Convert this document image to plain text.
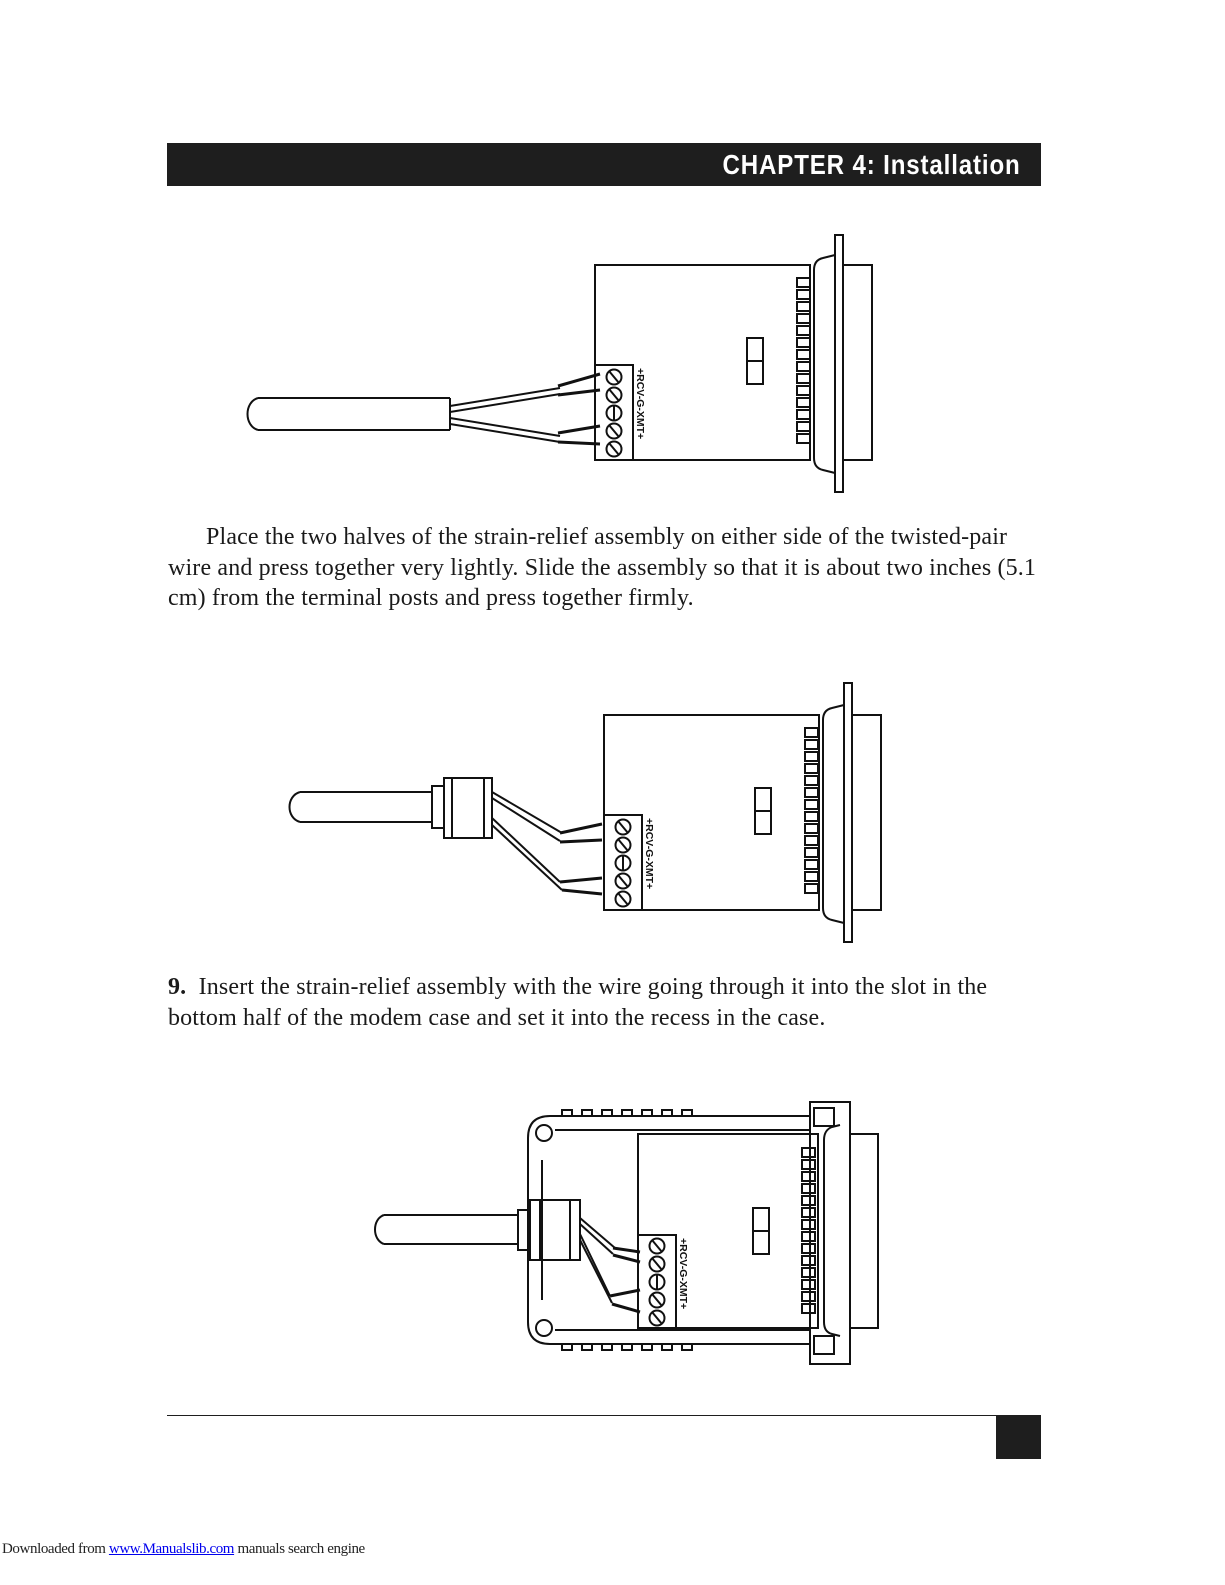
CHAPTER 4: Installation
+RCV-G-XMT+

Place the two halves of the strain-relief assembly on either side of the twisted-pair wire and press together very lightly. Slide the assembly so that it is about two inches (5.1 cm) from the terminal posts and press together firmly.

+RCV-G-XMT+

9. Insert the strain-relief assembly with the wire going through it into the slot in the bottom half of the modem case and set it into the recess in the case.

+RCV-G-XMT+
Downloaded from www.Manualslib.com manuals search engine
